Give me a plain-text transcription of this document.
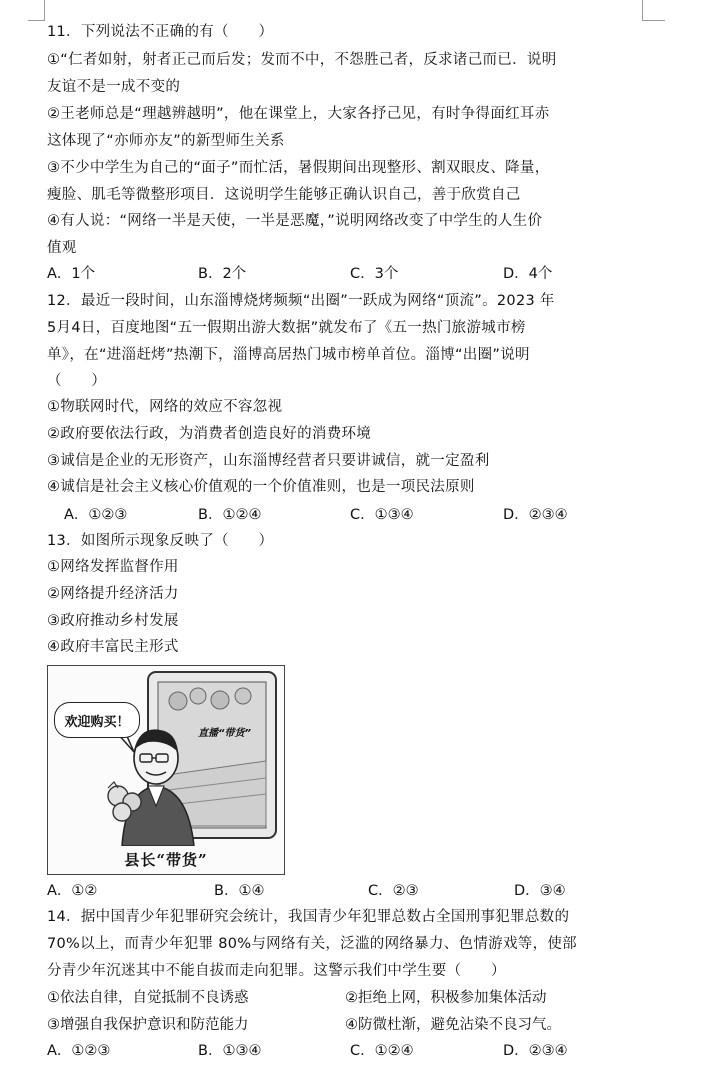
11．下列说法不正确的有（　　）
①“仁者如射，射者正己而后发；发而不中，不怨胜己者，反求诸己而已．说明
友谊不是一成不变的
②王老师总是“理越辨越明”，他在课堂上，大家各抒己见，有时争得面红耳赤
这体现了“亦师亦友”的新型师生关系
③不少中学生为自己的“面子”而忙活，暑假期间出现整形、割双眼皮、降量，
瘦脸、肌毛等微整形项目．这说明学生能够正确认识自己，善于欣赏自己
④有人说：“网络一半是天使，一半是恶魔，”说明网络改变了中学生的人生价
值观
A．1个	B．2个	C．3个	D．4个
12．最近一段时间，山东淄博烧烤频频“出圈”一跃成为网络“顶流”。2023 年
5月4日，百度地图“五一假期出游大数据”就发布了《五一热门旅游城市榜
单》，在“进淄赶烤”热潮下，淄博高居热门城市榜单首位。淄博“出圈”说明
（　　）
①物联网时代，网络的效应不容忽视
②政府要依法行政，为消费者创造良好的消费环境
③诚信是企业的无形资产，山东淄博经营者只要讲诚信，就一定盈利
④诚信是社会主义核心价值观的一个价值准则，也是一项民法原则
A．①②③	B．①②④	C．①③④	D．②③④
13．如图所示现象反映了（　　）
①网络发挥监督作用
②网络提升经济活力
③政府推动乡村发展
④政府丰富民主形式
欢迎购买！
直播“带货”
县长“带货”
A．①②	B．①④	C．②③	D．③④
14．据中国青少年犯罪研究会统计，我国青少年犯罪总数占全国刑事犯罪总数的
70%以上，而青少年犯罪 80%与网络有关，泛滥的网络暴力、色情游戏等，使部
分青少年沉迷其中不能自拔而走向犯罪。这警示我们中学生要（　　）
①依法自律，自觉抵制不良诱惑	②拒绝上网，积极参加集体活动
③增强自我保护意识和防范能力	④防微杜渐，避免沾染不良习气。
A．①②③	B．①③④	C．①②④	D．②③④
